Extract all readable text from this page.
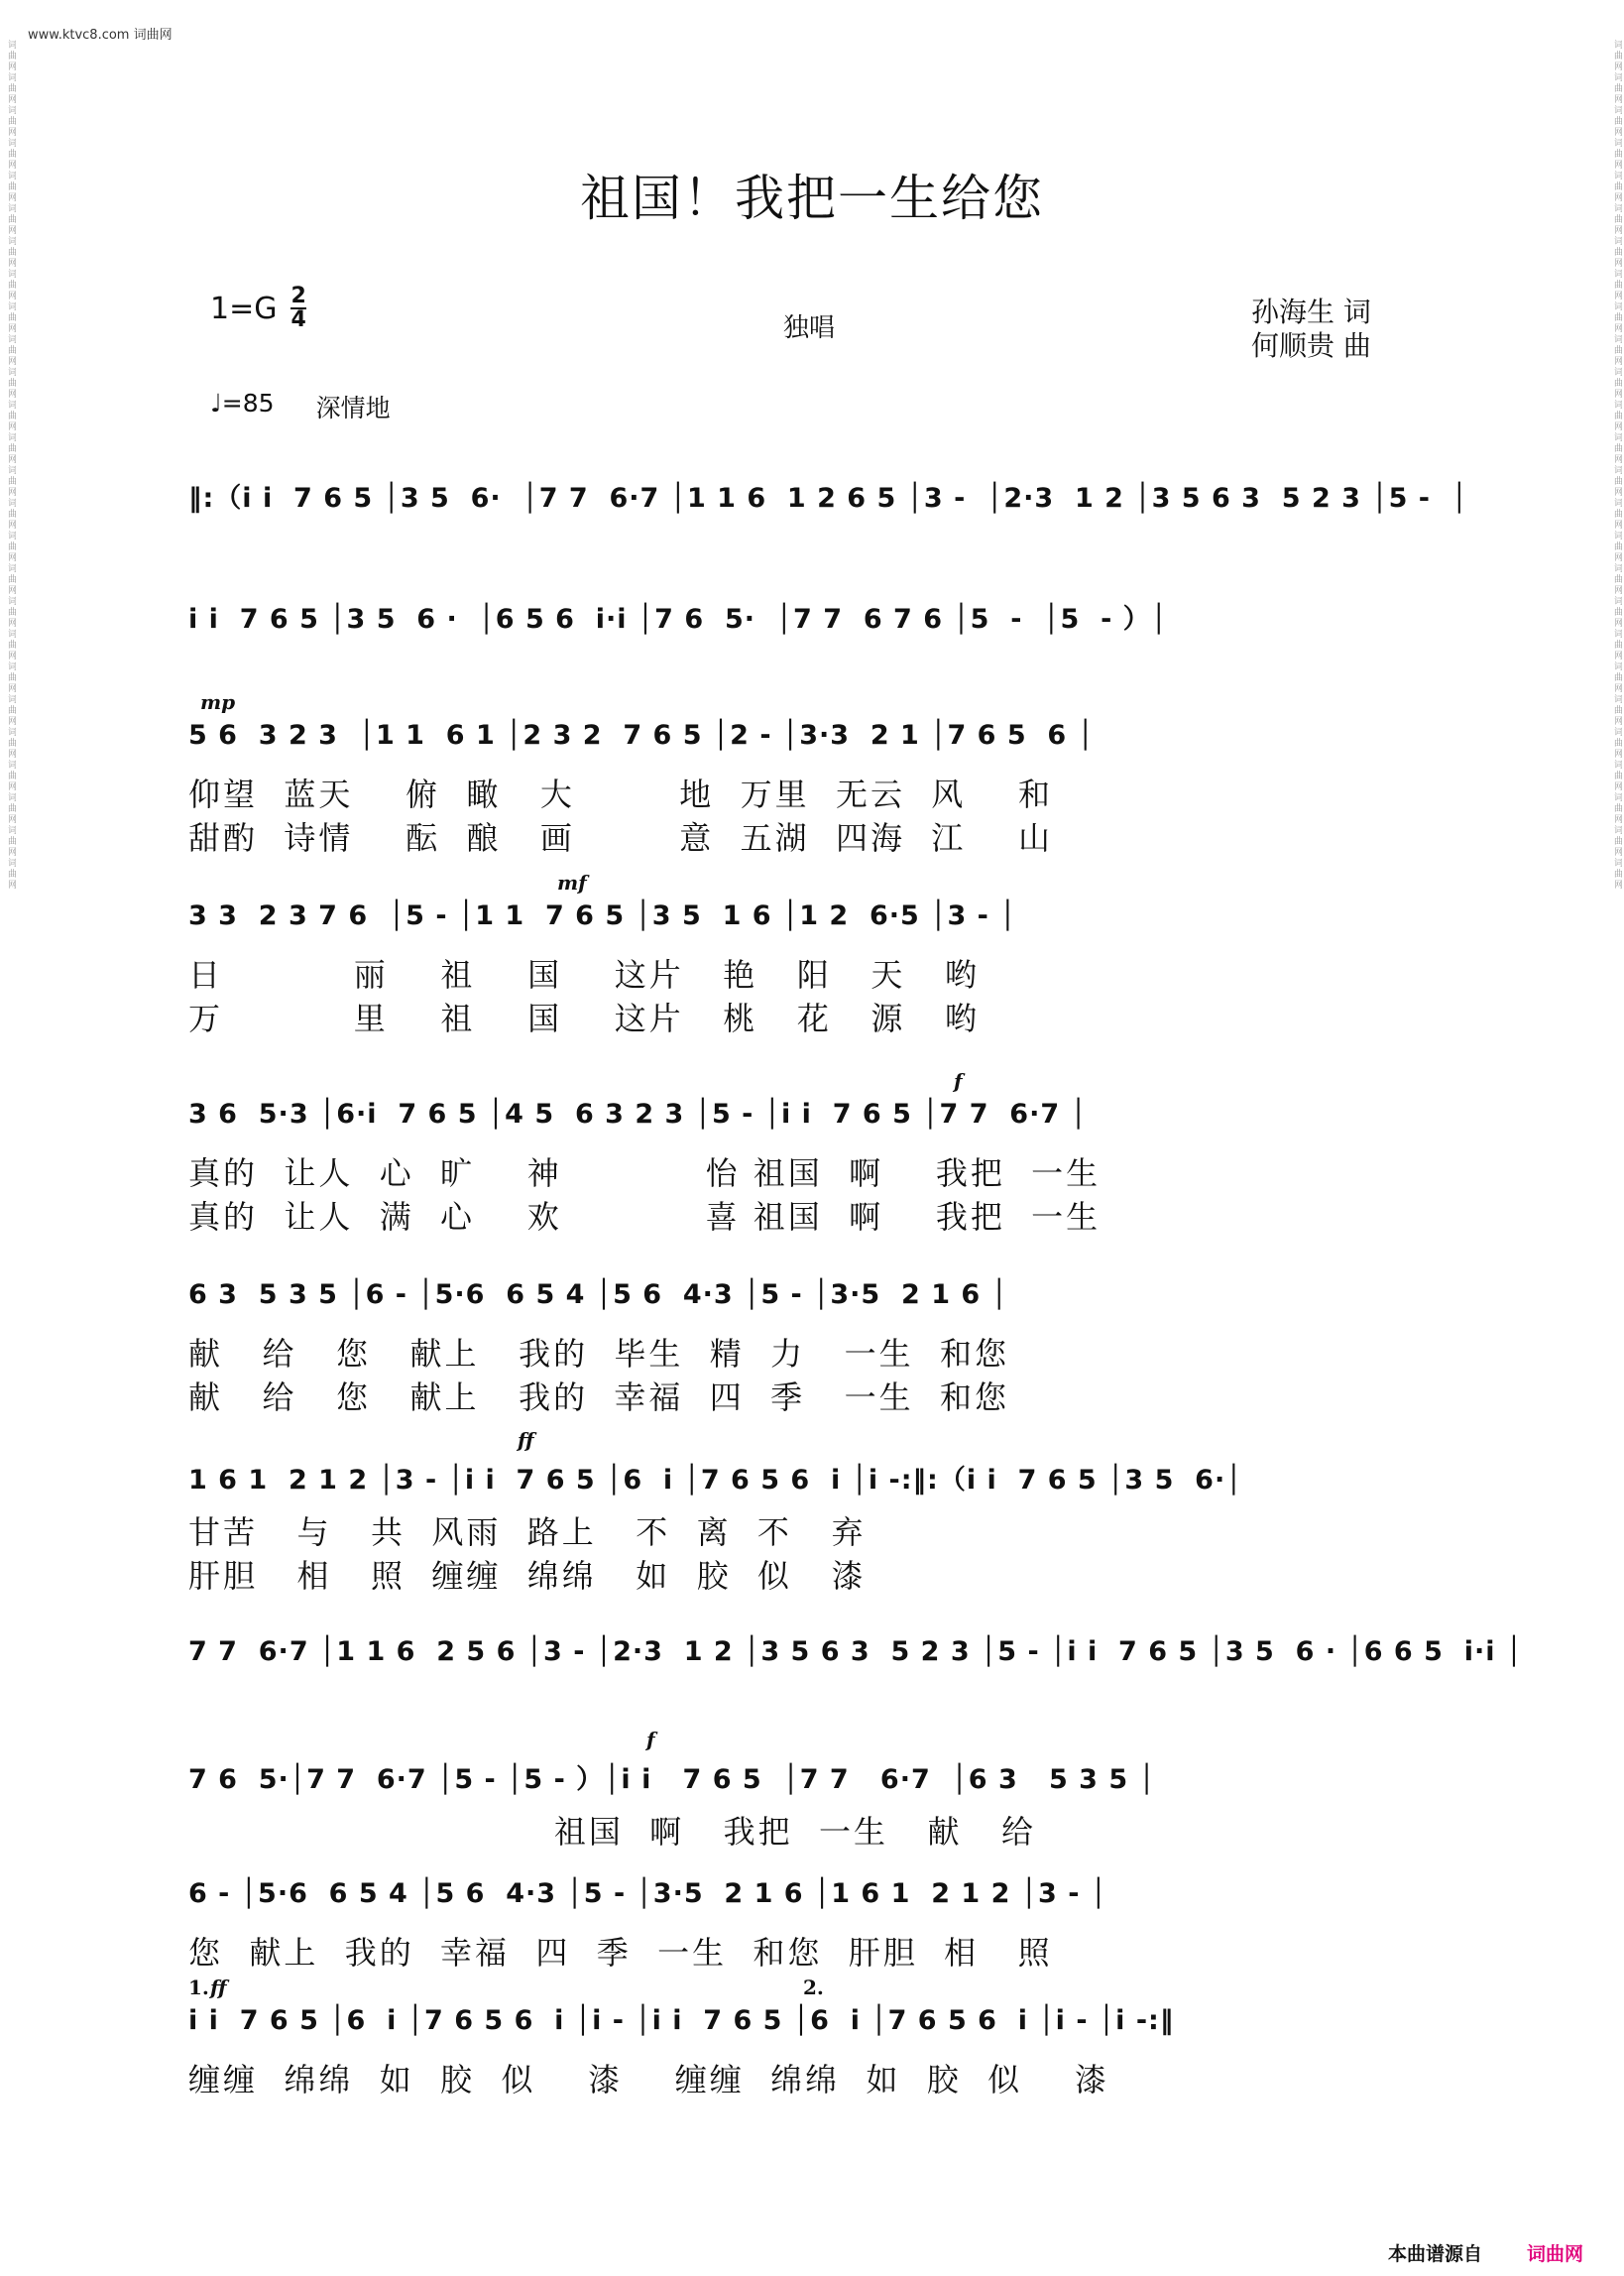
词曲网词曲网词曲网词曲网词曲网词曲网词曲网词曲网词曲网词曲网词曲网词曲网词曲网词曲网词曲网词曲网词曲网词曲网词曲网词曲网词曲网词曲网词曲网词曲网词曲网词曲网	词曲网词曲网词曲网词曲网词曲网词曲网词曲网词曲网词曲网词曲网词曲网词曲网词曲网词曲网词曲网词曲网词曲网词曲网词曲网词曲网词曲网词曲网词曲网词曲网词曲网词曲网
www.ktvc8.com 词曲网
祖国！我把一生给您
$1=G \frac{2}{4}$	独唱	孙海生 词
何顺贵 曲
♩=85 深情地
‖:（i i  7 6 5 │3 5  6·  │7 7  6·7 │1 1 6  1 2 6 5 │3 -  │2·3  1 2 │3 5 6 3  5 2 3 │5 -  │
i i  7 6 5 │3 5  6 ·  │6 5 6  i·i │7 6  5·  │7 7  6 7 6 │5  -  │5  - ）│
mp
5 6  3 2 3  │1 1  6 1 │2 3 2  7 6 5 │2 - │3·3  2 1 │7 6 5  6 │
仰望  蓝天    俯  瞰   大        地  万里  无云  风    和
甜酌  诗情    酝  酿   画        意  五湖  四海  江    山
mf
3 3  2 3 7 6  │5 - │1 1  7 6 5 │3 5  1 6 │1 2  6·5 │3 - │
日          丽    祖    国    这片   艳   阳   天   哟
万          里    祖    国    这片   桃   花   源   哟
f
3 6  5·3 │6·i  7 6 5 │4 5  6 3 2 3 │5 - │i i  7 6 5 │7 7  6·7 │
真的  让人  心  旷    神           怡 祖国  啊    我把  一生
真的  让人  满  心    欢           喜 祖国  啊    我把  一生
6 3  5 3 5 │6 - │5·6  6 5 4 │5 6  4·3 │5 - │3·5  2 1 6 │
献   给   您   献上   我的  毕生  精  力   一生  和您
献   给   您   献上   我的  幸福  四  季   一生  和您
ff
1 6 1  2 1 2 │3 - │i i  7 6 5 │6  i │7 6 5 6  i │i -:‖:（i i  7 6 5 │3 5  6·│
甘苦   与   共  风雨  路上   不  离  不   弃
肝胆   相   照  缠缠  绵绵   如  胶  似   漆
7 7  6·7 │1 1 6  2 5 6 │3 - │2·3  1 2 │3 5 6 3  5 2 3 │5 - │i i  7 6 5 │3 5  6 · │6 6 5  i·i │
f
7 6  5·│7 7  6·7 │5 - │5 - ）│i i   7 6 5  │7 7   6·7  │6 3   5 3 5 │
祖国  啊   我把  一生   献   给
6 - │5·6  6 5 4 │5 6  4·3 │5 - │3·5  2 1 6 │1 6 1  2 1 2 │3 - │
您  献上  我的  幸福  四  季  一生  和您  肝胆  相   照
1. ff	2.
i i  7 6 5 │6  i │7 6 5 6  i │i - │i i  7 6 5 │6  i │7 6 5 6  i │i - │i -:‖
缠缠  绵绵  如  胶  似    漆    缠缠  绵绵  如  胶  似    漆
本曲谱源自 词曲网
